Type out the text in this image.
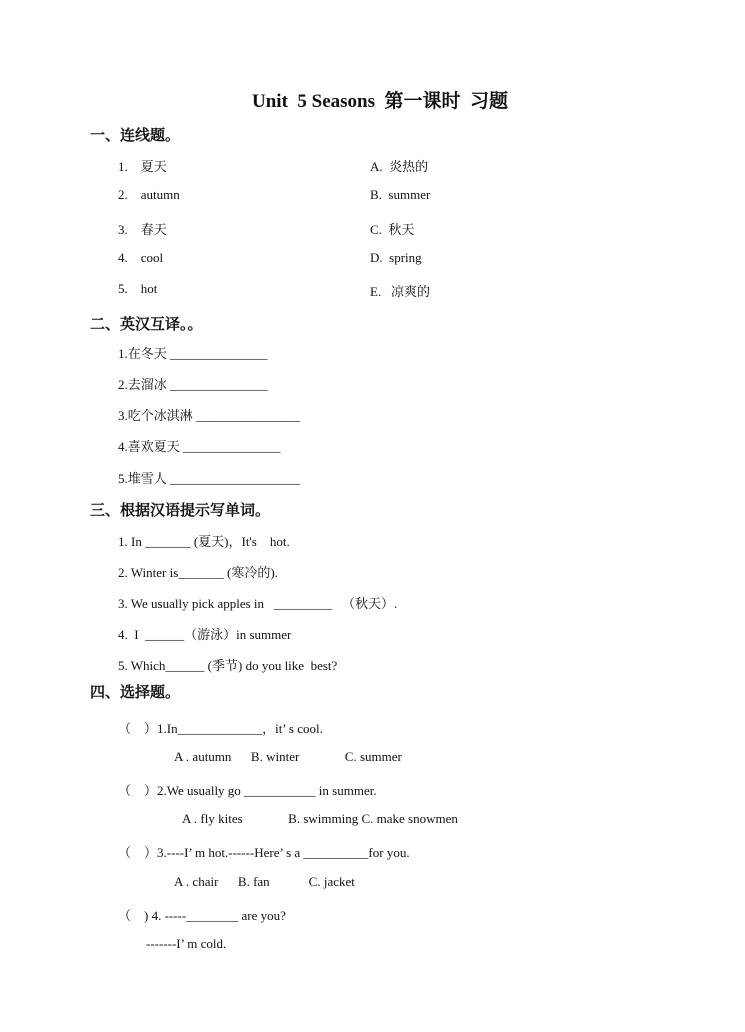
Unit  5 Seasons  第一课时  习题
一、连线题。
1.    夏天
2.    autumn
3.    春天
4.    cool
5.    hot
A.  炎热的
B.  summer
C.  秋天
D.  spring
E.   凉爽的
二、英汉互译。。
1.在冬天 _______________
2.去溜冰 _______________
3.吃个冰淇淋 ________________
4.喜欢夏天 _______________
5.堆雪人 ____________________
三、根据汉语提示写单词。
1. In _______ (夏天)，It's    hot.
2. Winter is_______ (寒冷的).
3. We usually pick apples in   _________   （秋天）.
4.  I  ______（游泳）in summer
5. Which______ (季节) do you like  best?
四、选择题。
（    ）1.In_____________，it’ s cool.
A . autumn      B. winter              C. summer
（    ）2.We usually go ___________ in summer.
A . fly kites              B. swimming C. make snowmen
（    ）3.----I’ m hot.------Here’ s a __________for you.
A . chair      B. fan            C. jacket
（    ) 4. -----________ are you?
-------I’ m cold.
